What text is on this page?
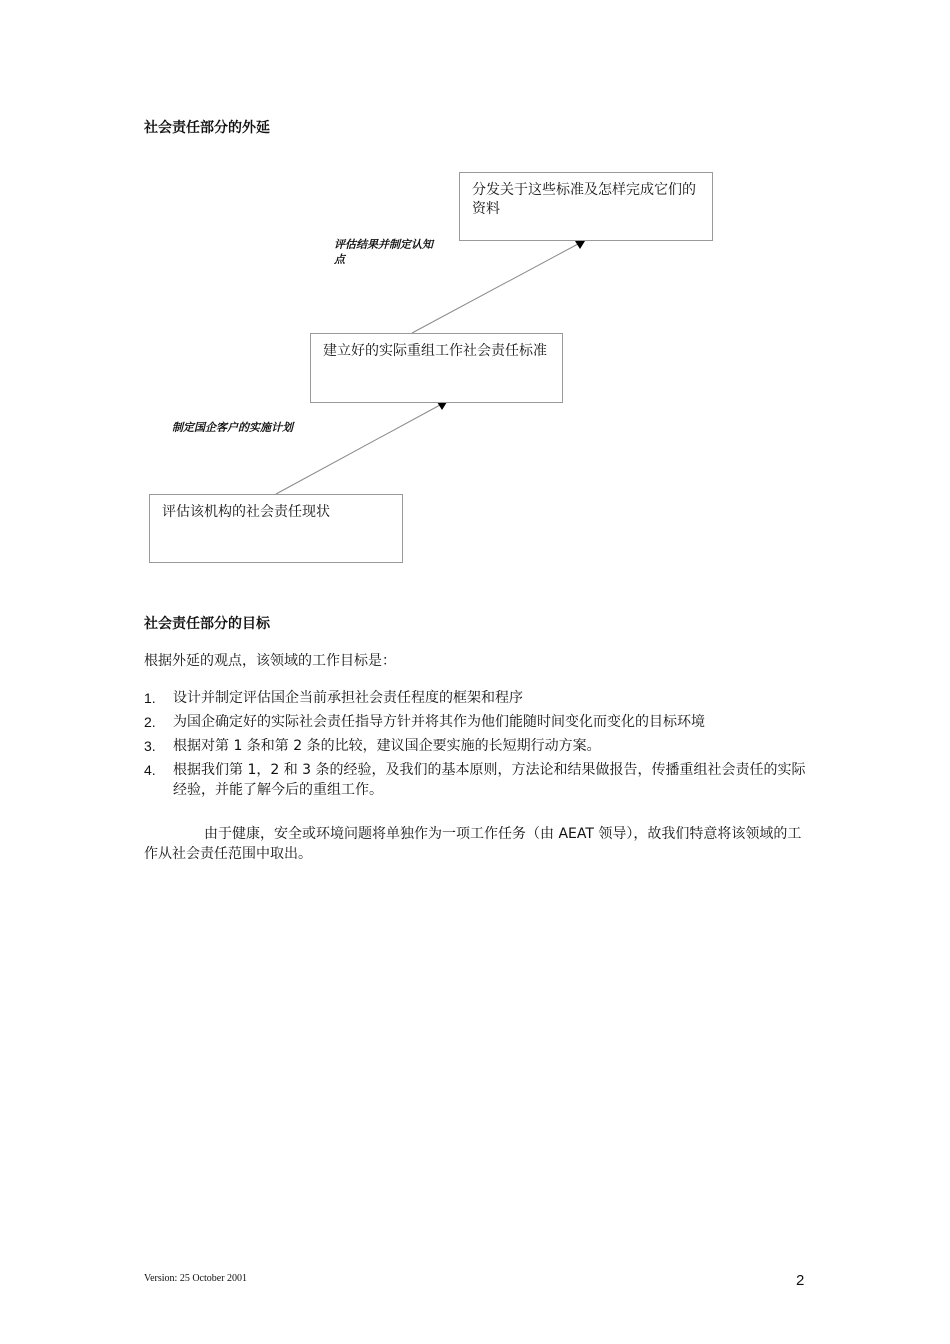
社会责任部分的外延
分发关于这些标准及怎样完成它们的资料
建立好的实际重组工作社会责任标准
评估该机构的社会责任现状
评估结果并制定认知点
制定国企客户的实施计划
社会责任部分的目标
根据外延的观点，该领域的工作目标是：
1. 设计并制定评估国企当前承担社会责任程度的框架和程序
2. 为国企确定好的实际社会责任指导方针并将其作为他们能随时间变化而变化的目标环境
3. 根据对第 1 条和第 2 条的比较，建议国企要实施的长短期行动方案。
4. 根据我们第 1，2 和 3 条的经验，及我们的基本原则，方法论和结果做报告，传播重组社会责任的实际经验，并能了解今后的重组工作。
由于健康，安全或环境问题将单独作为一项工作任务（由 AEAT 领导），故我们特意将该领域的工作从社会责任范围中取出。
Version: 25 October 2001	2
